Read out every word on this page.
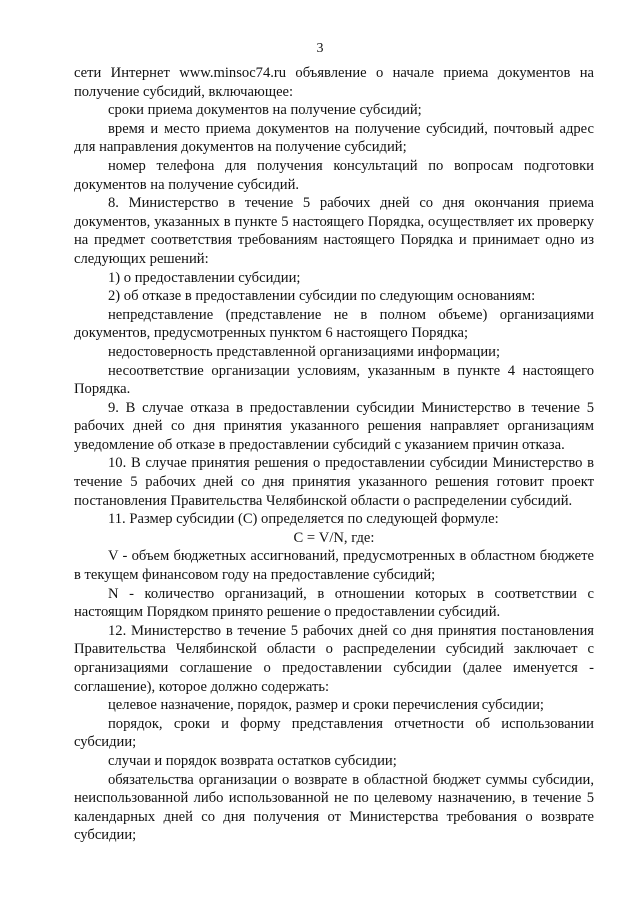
3

сети Интернет www.minsoc74.ru объявление о начале приема документов на получение субсидий, включающее:

сроки приема документов на получение субсидий;

время и место приема документов на получение субсидий, почтовый адрес для направления документов на получение субсидий;

номер телефона для получения консультаций по вопросам подготовки документов на получение субсидий.

8. Министерство в течение 5 рабочих дней со дня окончания приема документов, указанных в пункте 5 настоящего Порядка, осуществляет их проверку на предмет соответствия требованиям настоящего Порядка и принимает одно из следующих решений:

1) о предоставлении субсидии;

2) об отказе в предоставлении субсидии по следующим основаниям:

непредставление (представление не в полном объеме) организациями документов, предусмотренных пунктом 6 настоящего Порядка;

недостоверность представленной организациями информации;

несоответствие организации условиям, указанным в пункте 4 настоящего Порядка.

9. В случае отказа в предоставлении субсидии Министерство в течение 5 рабочих дней со дня принятия указанного решения направляет организациям уведомление об отказе в предоставлении субсидий с указанием причин отказа.

10. В случае принятия решения о предоставлении субсидии Министерство в течение 5 рабочих дней со дня принятия указанного решения готовит проект постановления Правительства Челябинской области о распределении субсидий.

11. Размер субсидии (С) определяется по следующей формуле:

С = V/N, где:

V - объем бюджетных ассигнований, предусмотренных в областном бюджете в текущем финансовом году на предоставление субсидий;

N - количество организаций, в отношении которых в соответствии с настоящим Порядком принято решение о предоставлении субсидий.

12. Министерство в течение 5 рабочих дней со дня принятия постановления Правительства Челябинской области о распределении субсидий заключает с организациями соглашение о предоставлении субсидии (далее именуется - соглашение), которое должно содержать:

целевое назначение, порядок, размер и сроки перечисления субсидии;

порядок, сроки и форму представления отчетности об использовании субсидии;

случаи и порядок возврата остатков субсидии;

обязательства организации о возврате в областной бюджет суммы субсидии, неиспользованной либо использованной не по целевому назначению, в течение 5 календарных дней со дня получения от Министерства требования о возврате субсидии;
